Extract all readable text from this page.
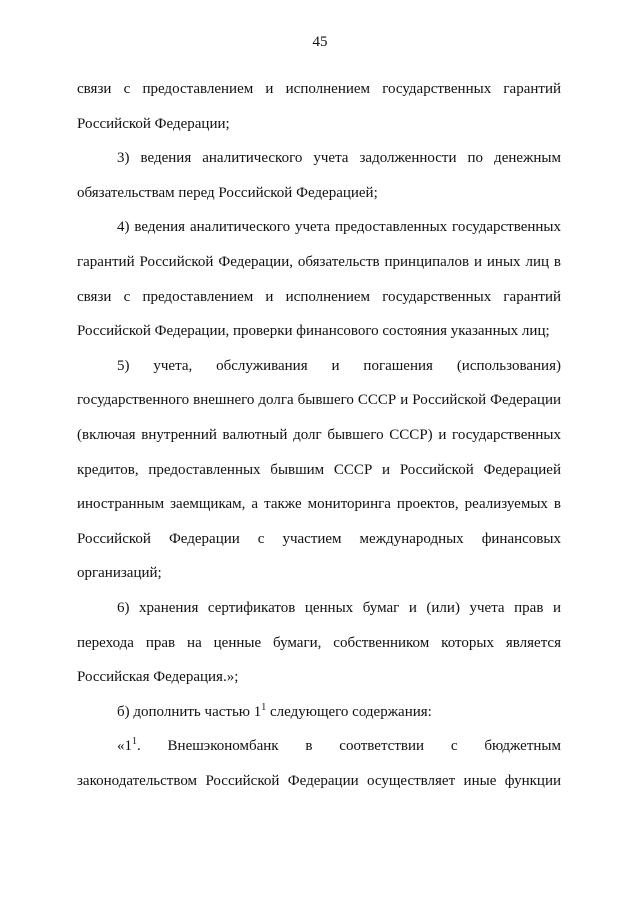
45

связи с предоставлением и исполнением государственных гарантий Российской Федерации;

3) ведения аналитического учета задолженности по денежным обязательствам перед Российской Федерацией;

4) ведения аналитического учета предоставленных государственных гарантий Российской Федерации, обязательств принципалов и иных лиц в связи с предоставлением и исполнением государственных гарантий Российской Федерации, проверки финансового состояния указанных лиц;

5) учета, обслуживания и погашения (использования)

государственного внешнего долга бывшего СССР и Российской Федерации (включая внутренний валютный долг бывшего СССР) и государственных кредитов, предоставленных бывшим СССР и Российской Федерацией иностранным заемщикам, а также мониторинга проектов, реализуемых в

Российской Федерации с участием международных финансовых

организаций;

6) хранения сертификатов ценных бумаг и (или) учета прав и перехода прав на ценные бумаги, собственником которых является Российская Федерация.»;

б) дополнить частью $1^1$ следующего содержания:

«$1^1$. Внешэкономбанк в соответствии с бюджетным

законодательством Российской Федерации осуществляет иные функции
